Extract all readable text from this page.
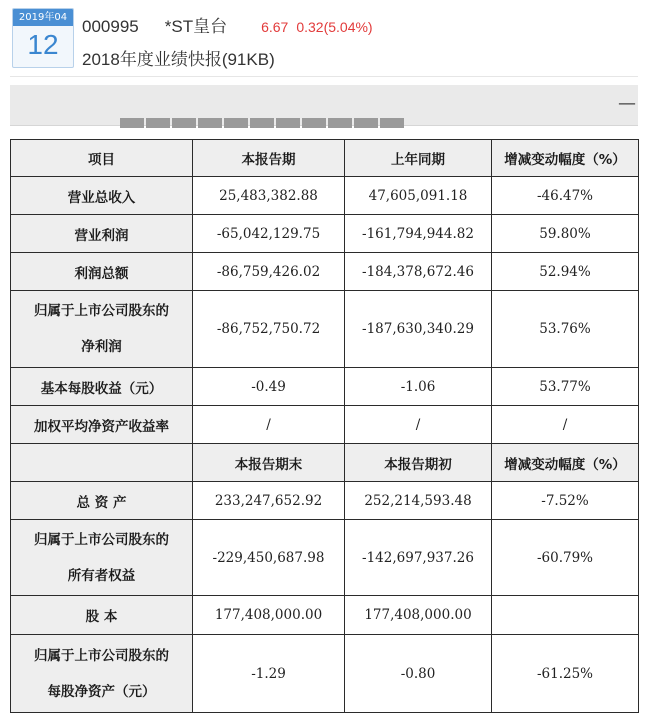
2019年04
12
000995 *ST皇台 6.67 0.32(5.04%)
2018年度业绩快报(91KB)
—
项目	本报告期	上年同期	增减变动幅度（%）
营业总收入	25,483,382.88	47,605,091.18	-46.47%
营业利润	-65,042,129.75	-161,794,944.82	59.80%
利润总额	-86,759,426.02	-184,378,672.46	52.94%

归属于上市公司股东的
净利润	-86,752,750.72	-187,630,340.29	53.76%
基本每股收益（元）	-0.49	-1.06	53.77%
加权平均净资产收益率	/	/	/
	本报告期末	本报告期初	增减变动幅度（%）
总 资 产	233,247,652.92	252,214,593.48	-7.52%

归属于上市公司股东的
所有者权益	-229,450,687.98	-142,697,937.26	-60.79%
股 本	177,408,000.00	177,408,000.00	

归属于上市公司股东的
每股净资产（元）	-1.29	-0.80	-61.25%
